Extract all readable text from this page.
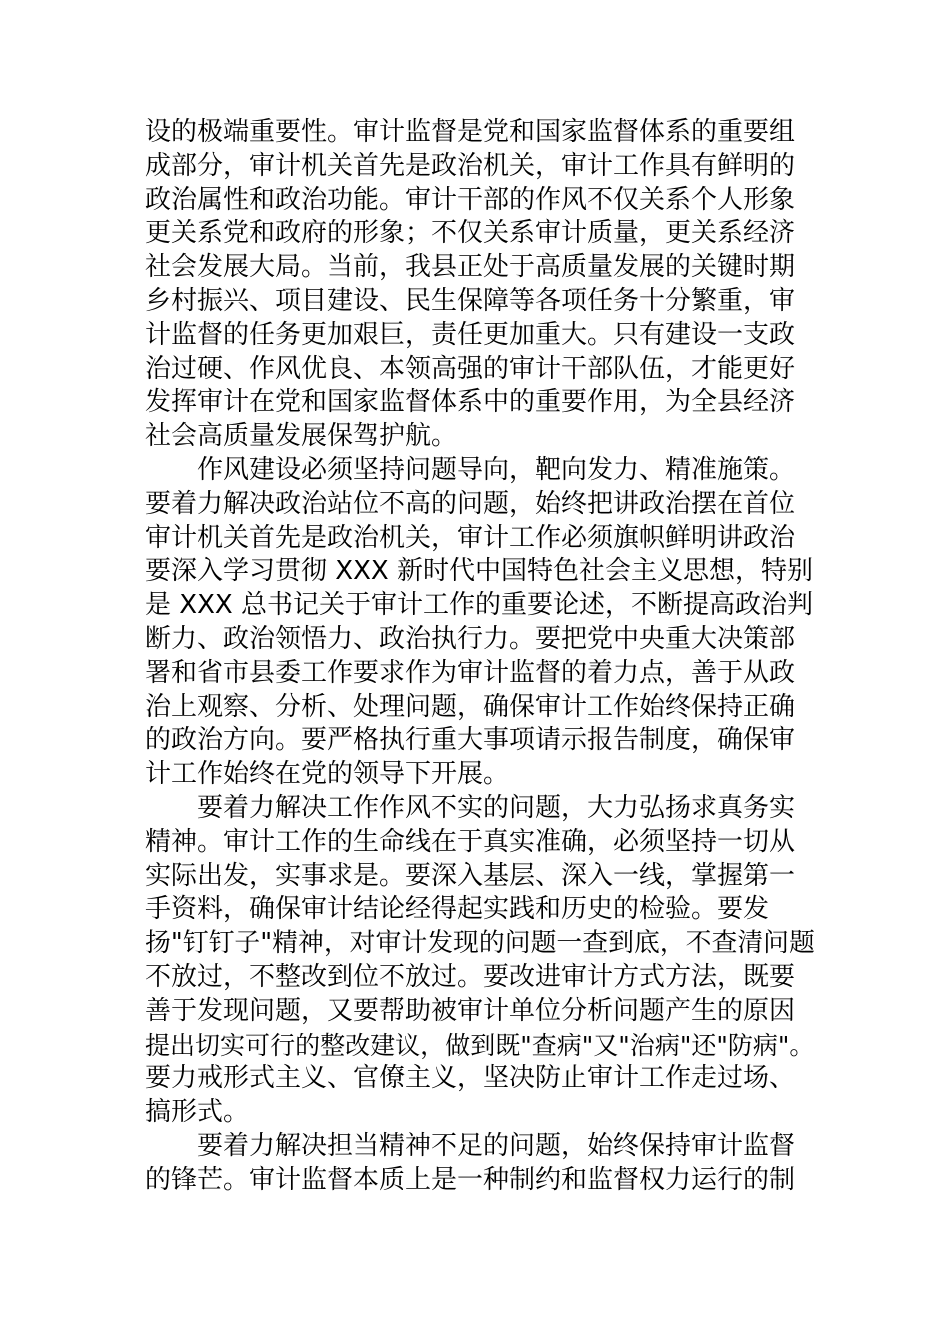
设的极端重要性。审计监督是党和国家监督体系的重要组
成部分，审计机关首先是政治机关，审计工作具有鲜明的
政治属性和政治功能。审计干部的作风不仅关系个人形象
更关系党和政府的形象；不仅关系审计质量，更关系经济
社会发展大局。当前，我县正处于高质量发展的关键时期
乡村振兴、项目建设、民生保障等各项任务十分繁重，审
计监督的任务更加艰巨，责任更加重大。只有建设一支政
治过硬、作风优良、本领高强的审计干部队伍，才能更好
发挥审计在党和国家监督体系中的重要作用，为全县经济
社会高质量发展保驾护航。
作风建设必须坚持问题导向，靶向发力、精准施策。
要着力解决政治站位不高的问题，始终把讲政治摆在首位
审计机关首先是政治机关，审计工作必须旗帜鲜明讲政治
要深入学习贯彻 XXX 新时代中国特色社会主义思想，特别
是 XXX 总书记关于审计工作的重要论述，不断提高政治判
断力、政治领悟力、政治执行力。要把党中央重大决策部
署和省市县委工作要求作为审计监督的着力点，善于从政
治上观察、分析、处理问题，确保审计工作始终保持正确
的政治方向。要严格执行重大事项请示报告制度，确保审
计工作始终在党的领导下开展。
要着力解决工作作风不实的问题，大力弘扬求真务实
精神。审计工作的生命线在于真实准确，必须坚持一切从
实际出发，实事求是。要深入基层、深入一线，掌握第一
手资料，确保审计结论经得起实践和历史的检验。要发
扬"钉钉子"精神，对审计发现的问题一查到底，不查清问题
不放过，不整改到位不放过。要改进审计方式方法，既要
善于发现问题，又要帮助被审计单位分析问题产生的原因
提出切实可行的整改建议，做到既"查病"又"治病"还"防病"。
要力戒形式主义、官僚主义，坚决防止审计工作走过场、
搞形式。
要着力解决担当精神不足的问题，始终保持审计监督
的锋芒。审计监督本质上是一种制约和监督权力运行的制
